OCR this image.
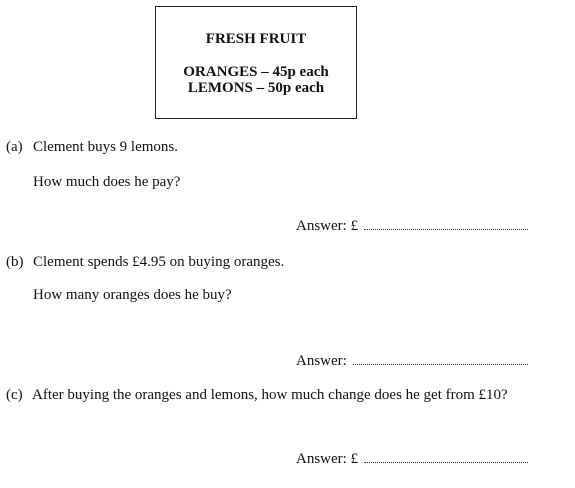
FRESH FRUIT
ORANGES – 45p each
LEMONS – 50p each
(a) Clement buys 9 lemons.
How much does he pay?
Answer: £
(b) Clement spends £4.95 on buying oranges.
How many oranges does he buy?
Answer:
(c) After buying the oranges and lemons, how much change does he get from £10?
Answer: £
